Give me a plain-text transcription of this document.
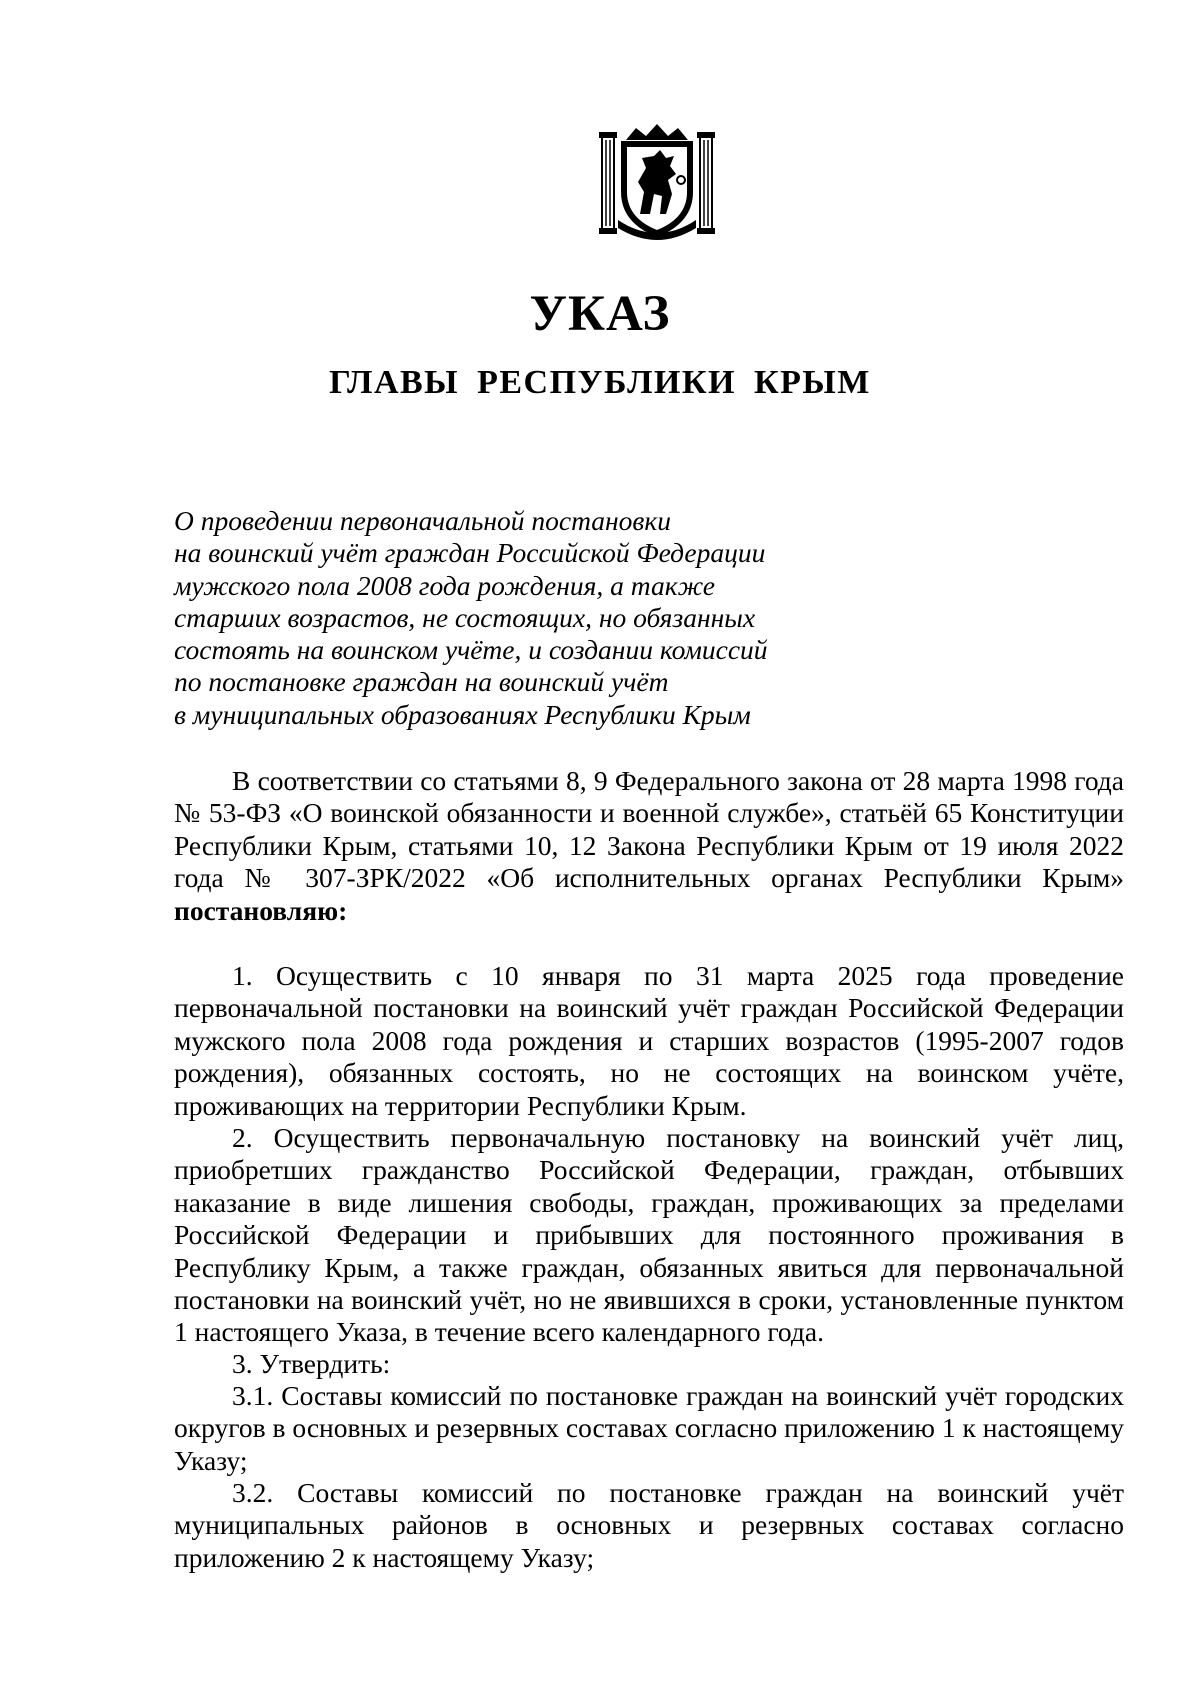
УКАЗ
ГЛАВЫ РЕСПУБЛИКИ КРЫМ
О проведении первоначальной постановки
на воинский учёт граждан Российской Федерации
мужского пола 2008 года рождения, а также
старших возрастов, не состоящих, но обязанных
состоять на воинском учёте, и создании комиссий
по постановке граждан на воинский учёт
в муниципальных образованиях Республики Крым

В соответствии со статьями 8, 9 Федерального закона от 28 марта 1998 года № 53-ФЗ «О воинской обязанности и военной службе», статьёй 65 Конституции Республики Крым, статьями 10, 12 Закона Республики Крым от 19 июля 2022 года № 307-ЗРК/2022 «Об исполнительных органах Республики Крым» постановляю:

1. Осуществить с 10 января по 31 марта 2025 года проведение первоначальной постановки на воинский учёт граждан Российской Федерации мужского пола 2008 года рождения и старших возрастов (1995-2007 годов рождения), обязанных состоять, но не состоящих на воинском учёте, проживающих на территории Республики Крым.

2. Осуществить первоначальную постановку на воинский учёт лиц, приобретших гражданство Российской Федерации, граждан, отбывших наказание в виде лишения свободы, граждан, проживающих за пределами Российской Федерации и прибывших для постоянного проживания в Республику Крым, а также граждан, обязанных явиться для первоначальной постановки на воинский учёт, но не явившихся в сроки, установленные пунктом 1 настоящего Указа, в течение всего календарного года.

3. Утвердить:

3.1. Составы комиссий по постановке граждан на воинский учёт городских округов в основных и резервных составах согласно приложению 1 к настоящему Указу;

3.2. Составы комиссий по постановке граждан на воинский учёт муниципальных районов в основных и резервных составах согласно приложению 2 к настоящему Указу;
